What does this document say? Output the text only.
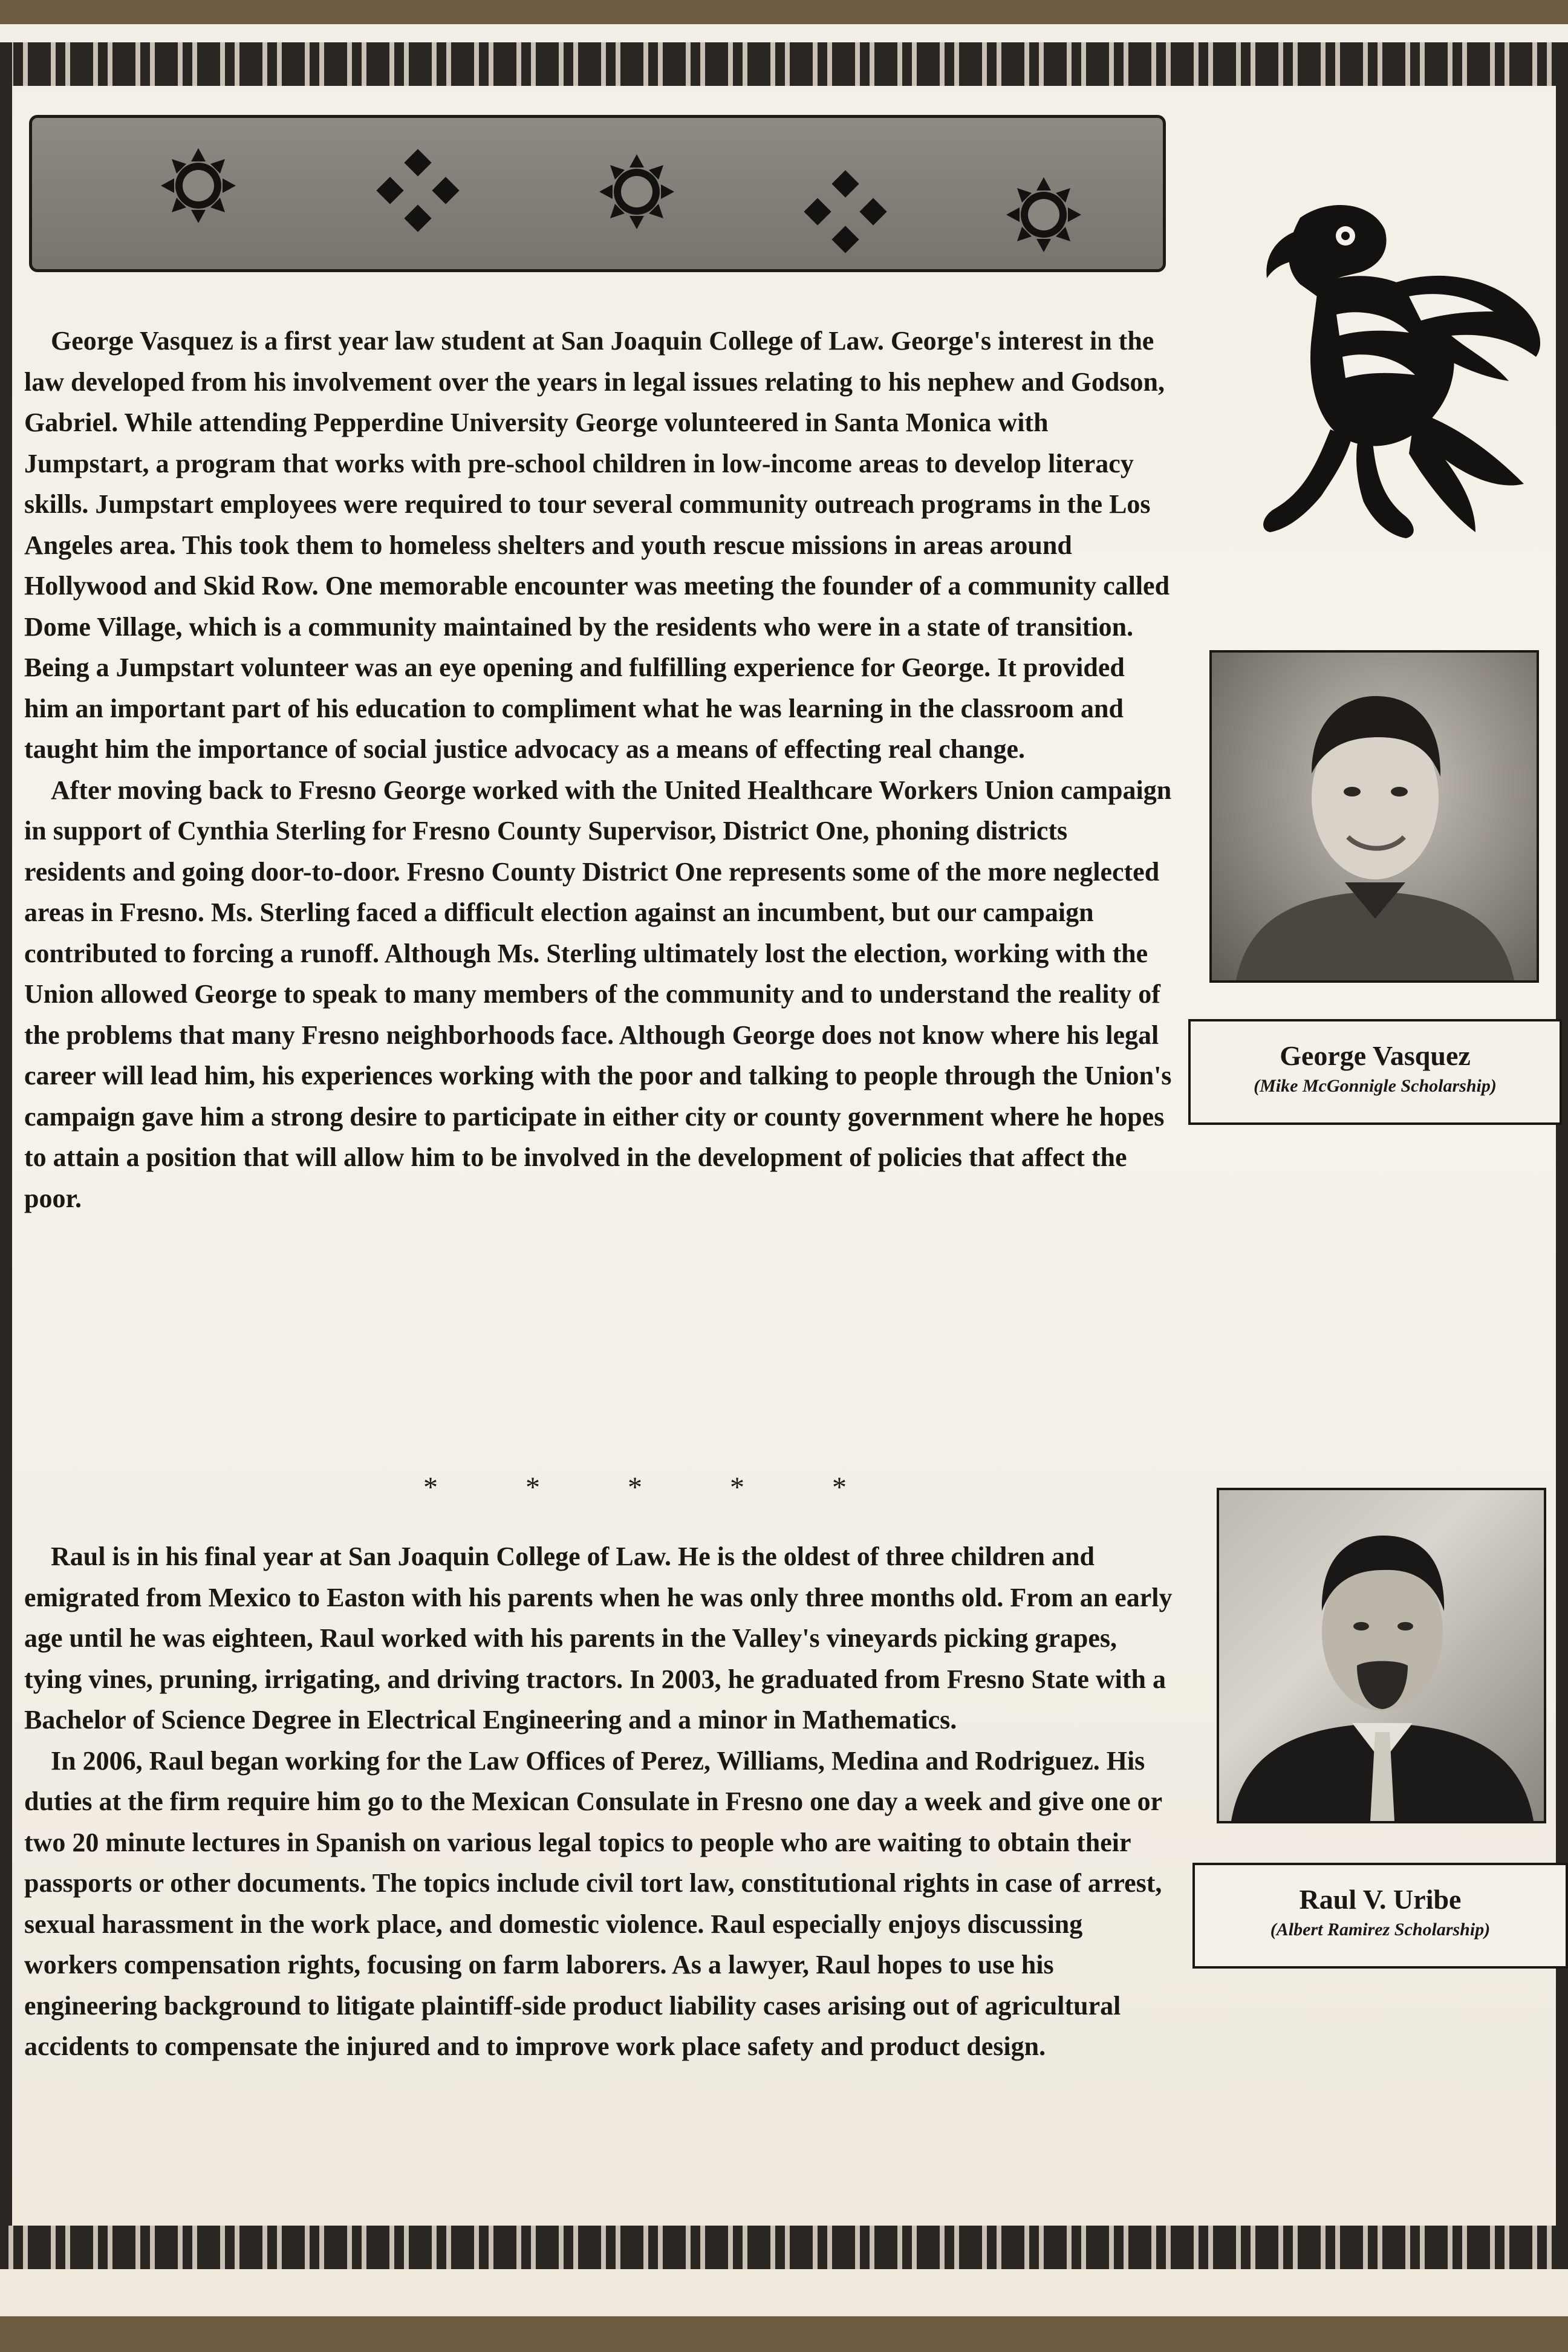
George Vasquez is a first year law student at San Joaquin College of Law. George's interest in the law developed from his involvement over the years in legal issues relating to his nephew and Godson, Gabriel. While attending Pepperdine University George volunteered in Santa Monica with Jumpstart, a program that works with pre-school children in low-income areas to develop literacy skills. Jumpstart employees were required to tour several community outreach programs in the Los Angeles area. This took them to homeless shelters and youth rescue missions in areas around Hollywood and Skid Row. One memorable encounter was meeting the founder of a community called Dome Village, which is a community maintained by the residents who were in a state of transition. Being a Jumpstart volunteer was an eye opening and fulfilling experience for George. It provided him an important part of his education to compliment what he was learning in the classroom and taught him the importance of social justice advocacy as a means of effecting real change.

After moving back to Fresno George worked with the United Healthcare Workers Union campaign in support of Cynthia Sterling for Fresno County Supervisor, District One, phoning districts residents and going door-to-door. Fresno County District One represents some of the more neglected areas in Fresno. Ms. Sterling faced a difficult election against an incumbent, but our campaign contributed to forcing a runoff. Although Ms. Sterling ultimately lost the election, working with the Union allowed George to speak to many members of the community and to understand the reality of the problems that many Fresno neighborhoods face. Although George does not know where his legal career will lead him, his experiences working with the poor and talking to people through the Union's campaign gave him a strong desire to participate in either city or county government where he hopes to attain a position that will allow him to be involved in the development of policies that affect the poor.

*	*	*	*	*

Raul is in his final year at San Joaquin College of Law. He is the oldest of three children and emigrated from Mexico to Easton with his parents when he was only three months old. From an early age until he was eighteen, Raul worked with his parents in the Valley's vineyards picking grapes, tying vines, pruning, irrigating, and driving tractors. In 2003, he graduated from Fresno State with a Bachelor of Science Degree in Electrical Engineering and a minor in Mathematics.

In 2006, Raul began working for the Law Offices of Perez, Williams, Medina and Rodriguez. His duties at the firm require him go to the Mexican Consulate in Fresno one day a week and give one or two 20 minute lectures in Spanish on various legal topics to people who are waiting to obtain their passports or other documents. The topics include civil tort law, constitutional rights in case of arrest, sexual harassment in the work place, and domestic violence. Raul especially enjoys discussing workers compensation rights, focusing on farm laborers. As a lawyer, Raul hopes to use his engineering background to litigate plaintiff-side product liability cases arising out of agricultural accidents to compensate the injured and to improve work place safety and product design.

George Vasquez
(Mike McGonnigle Scholarship)
Raul V. Uribe
(Albert Ramirez Scholarship)
